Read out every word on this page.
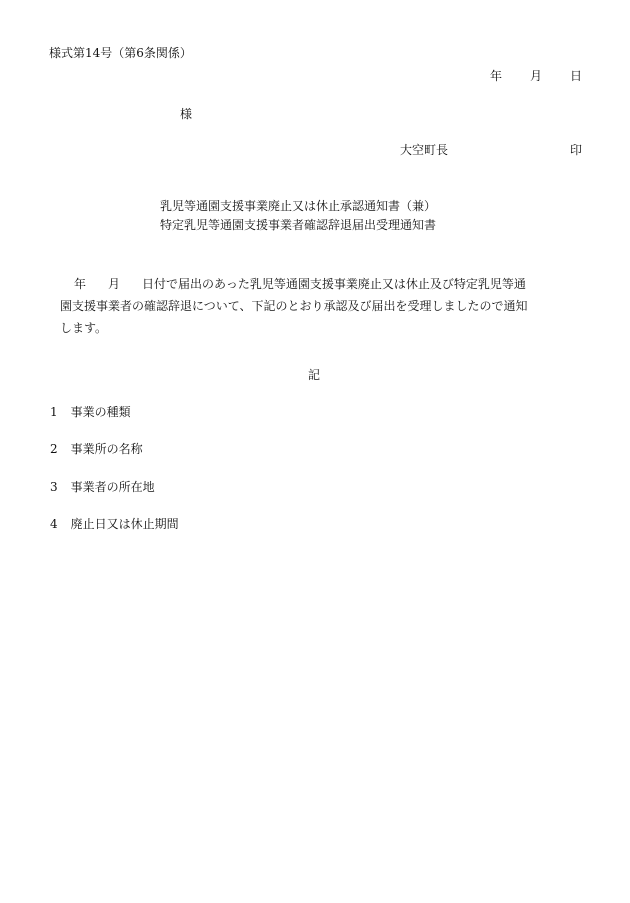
様式第14号（第6条関係）
年 月 日
様
大空町長	印
乳児等通園支援事業廃止又は休止承認通知書（兼）
特定乳児等通園支援事業者確認辞退届出受理通知書
年 月 日付で届出のあった乳児等通園支援事業廃止又は休止及び特定乳児等通
園支援事業者の確認辞退について、下記のとおり承認及び届出を受理しましたので通知
します。
記
1 事業の種類
2 事業所の名称
3 事業者の所在地
4 廃止日又は休止期間
